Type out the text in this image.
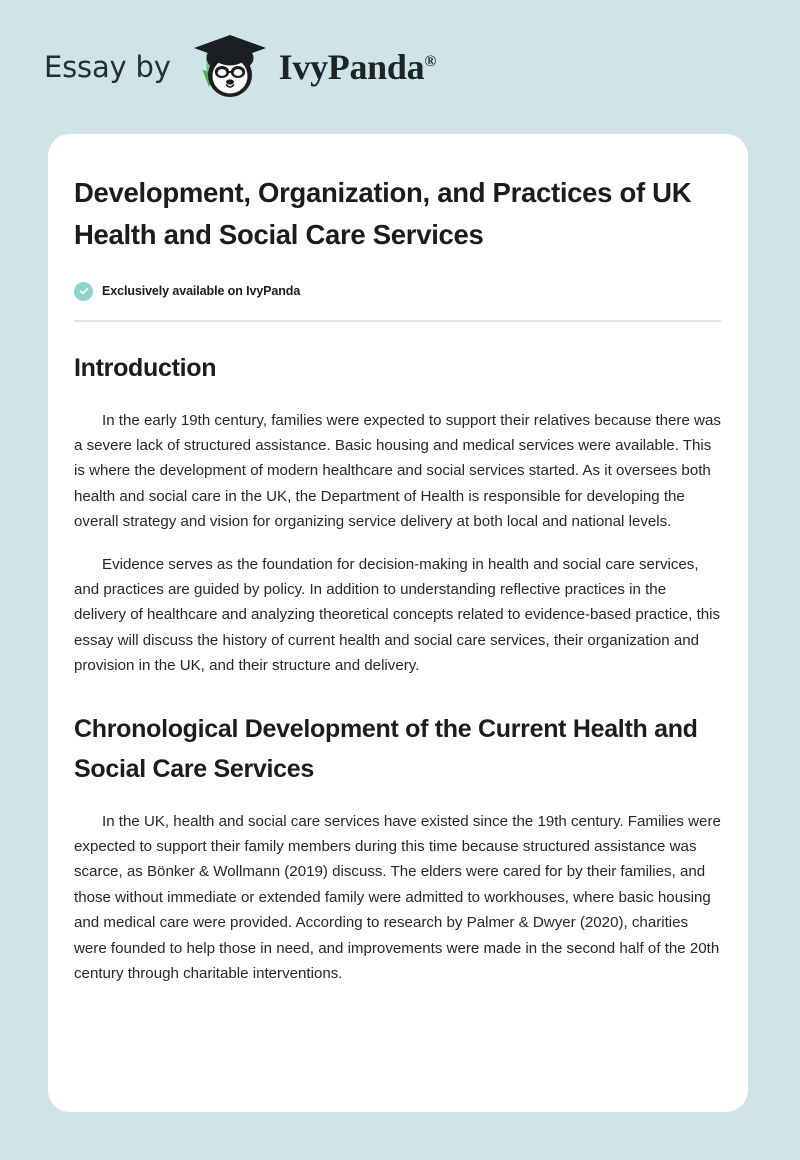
Essay by	IvyPanda®
Development, Organization, and Practices of UK Health and Social Care Services
Exclusively available on IvyPanda
Introduction

In the early 19th century, families were expected to support their relatives because there was a severe lack of structured assistance. Basic housing and medical services were available. This is where the development of modern healthcare and social services started. As it oversees both health and social care in the UK, the Department of Health is responsible for developing the overall strategy and vision for organizing service delivery at both local and national levels.

Evidence serves as the foundation for decision-making in health and social care services, and practices are guided by policy. In addition to understanding reflective practices in the delivery of healthcare and analyzing theoretical concepts related to evidence-based practice, this essay will discuss the history of current health and social care services, their organization and provision in the UK, and their structure and delivery.

Chronological Development of the Current Health and Social Care Services

In the UK, health and social care services have existed since the 19th century. Families were expected to support their family members during this time because structured assistance was scarce, as Bönker & Wollmann (2019) discuss. The elders were cared for by their families, and those without immediate or extended family were admitted to workhouses, where basic housing and medical care were provided. According to research by Palmer & Dwyer (2020), charities were founded to help those in need, and improvements were made in the second half of the 20th century through charitable interventions.
